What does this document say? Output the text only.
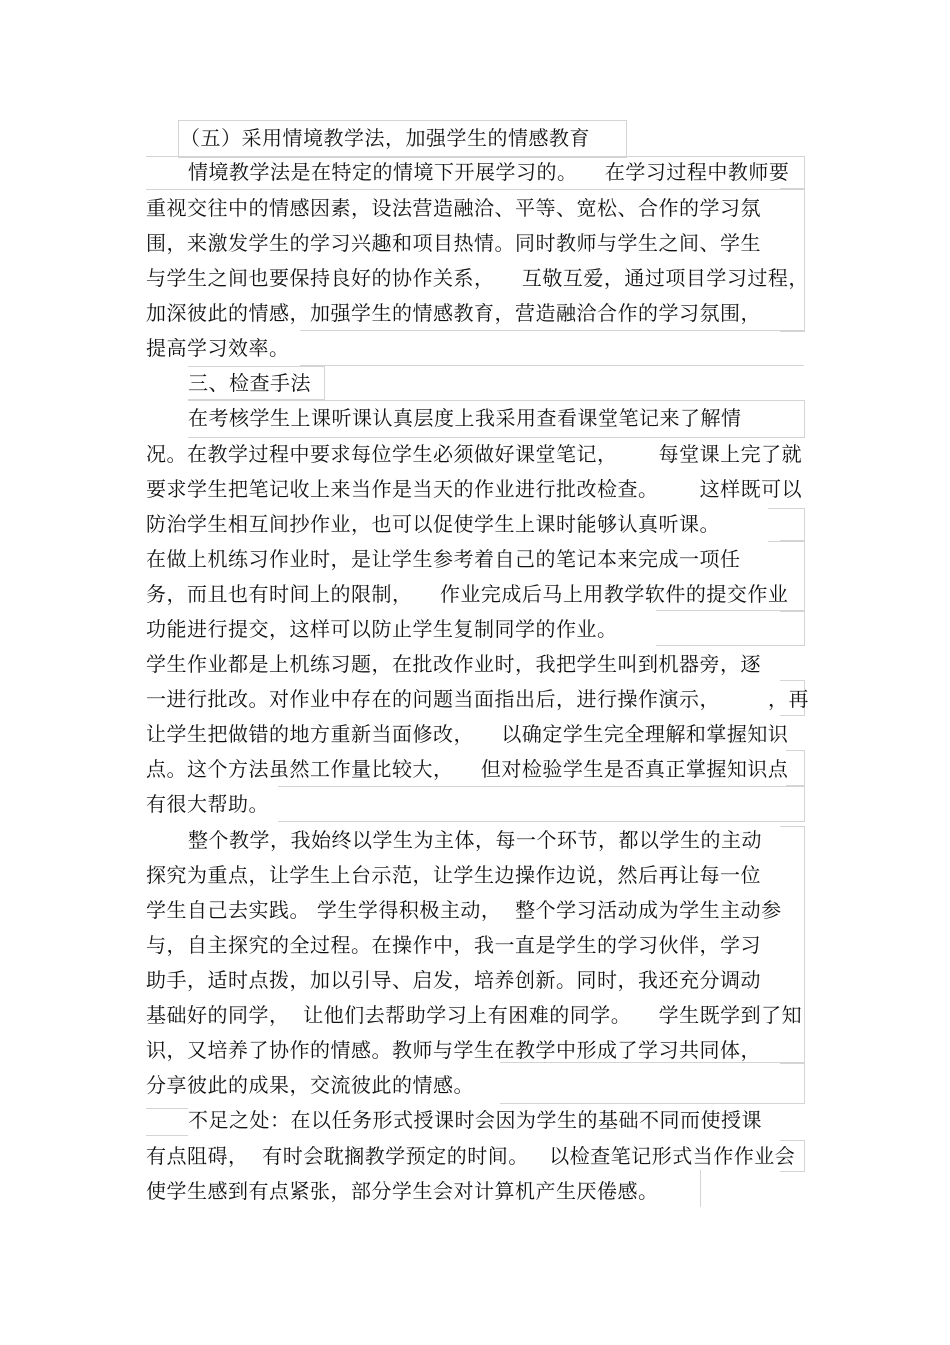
（五）采用情境教学法，加强学生的情感教育
情境教学法是在特定的情境下开展学习的。    在学习过程中教师要
重视交往中的情感因素，设法营造融洽、平等、宽松、合作的学习氛
围，来激发学生的学习兴趣和项目热情。同时教师与学生之间、学生
与学生之间也要保持良好的协作关系，    互敬互爱，通过项目学习过程，
加深彼此的情感，加强学生的情感教育，营造融洽合作的学习氛围，
提高学习效率。
三、检查手法
在考核学生上课听课认真层度上我采用查看课堂笔记来了解情
况。在教学过程中要求每位学生必须做好课堂笔记，      每堂课上完了就
要求学生把笔记收上来当作是当天的作业进行批改检查。      这样既可以
防治学生相互间抄作业，也可以促使学生上课时能够认真听课。
在做上机练习作业时，是让学生参考着自己的笔记本来完成一项任
务，而且也有时间上的限制，    作业完成后马上用教学软件的提交作业
功能进行提交，这样可以防止学生复制同学的作业。
学生作业都是上机练习题，在批改作业时，我把学生叫到机器旁，逐
一进行批改。对作业中存在的问题当面指出后，进行操作演示，       ，再
让学生把做错的地方重新当面修改，    以确定学生完全理解和掌握知识
点。这个方法虽然工作量比较大，    但对检验学生是否真正掌握知识点
有很大帮助。
整个教学，我始终以学生为主体，每一个环节，都以学生的主动
探究为重点，让学生上台示范，让学生边操作边说，然后再让每一位
学生自己去实践。 学生学得积极主动，  整个学习活动成为学生主动参
与，自主探究的全过程。在操作中，我一直是学生的学习伙伴，学习
助手，适时点拨，加以引导、启发，培养创新。同时，我还充分调动
基础好的同学，  让他们去帮助学习上有困难的同学。    学生既学到了知
识，又培养了协作的情感。教师与学生在教学中形成了学习共同体，
分享彼此的成果，交流彼此的情感。
不足之处：在以任务形式授课时会因为学生的基础不同而使授课
有点阻碍，  有时会耽搁教学预定的时间。   以检查笔记形式当作作业会
使学生感到有点紧张，部分学生会对计算机产生厌倦感。
